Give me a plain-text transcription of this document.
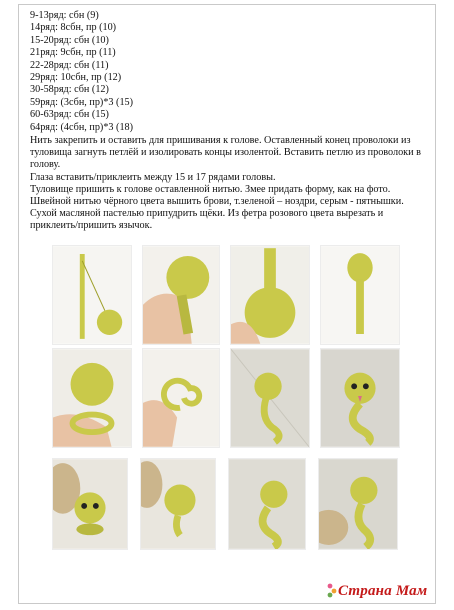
9-13ряд: сбн (9)
14ряд: 8сбн, пр (10)
15-20ряд: сбн (10)
21ряд: 9сбн, пр (11)
22-28ряд: сбн (11)
29ряд: 10сбн, пр (12)
30-58ряд: сбн (12)
59ряд: (3сбн, пр)*3 (15)
60-63ряд: сбн (15)
64ряд: (4сбн, пр)*3 (18)

Нить закрепить и оставить для пришивания к голове. Оставленный конец проволоки из туловища загнуть петлёй и изолировать концы изолентой. Вставить петлю из проволоки в голову.

Глаза вставить/приклеить между 15 и 17 рядами головы.

Туловище пришить к голове оставленной нитью. Змее придать форму, как на фото. Швейной нитью чёрного цвета вышить брови, т.зеленой – ноздри, серым - пятнышки. Сухой масляной пастелью припудрить щёки. Из фетра розового цвета вырезать и приклеить/пришить язычок.

Страна Мам
